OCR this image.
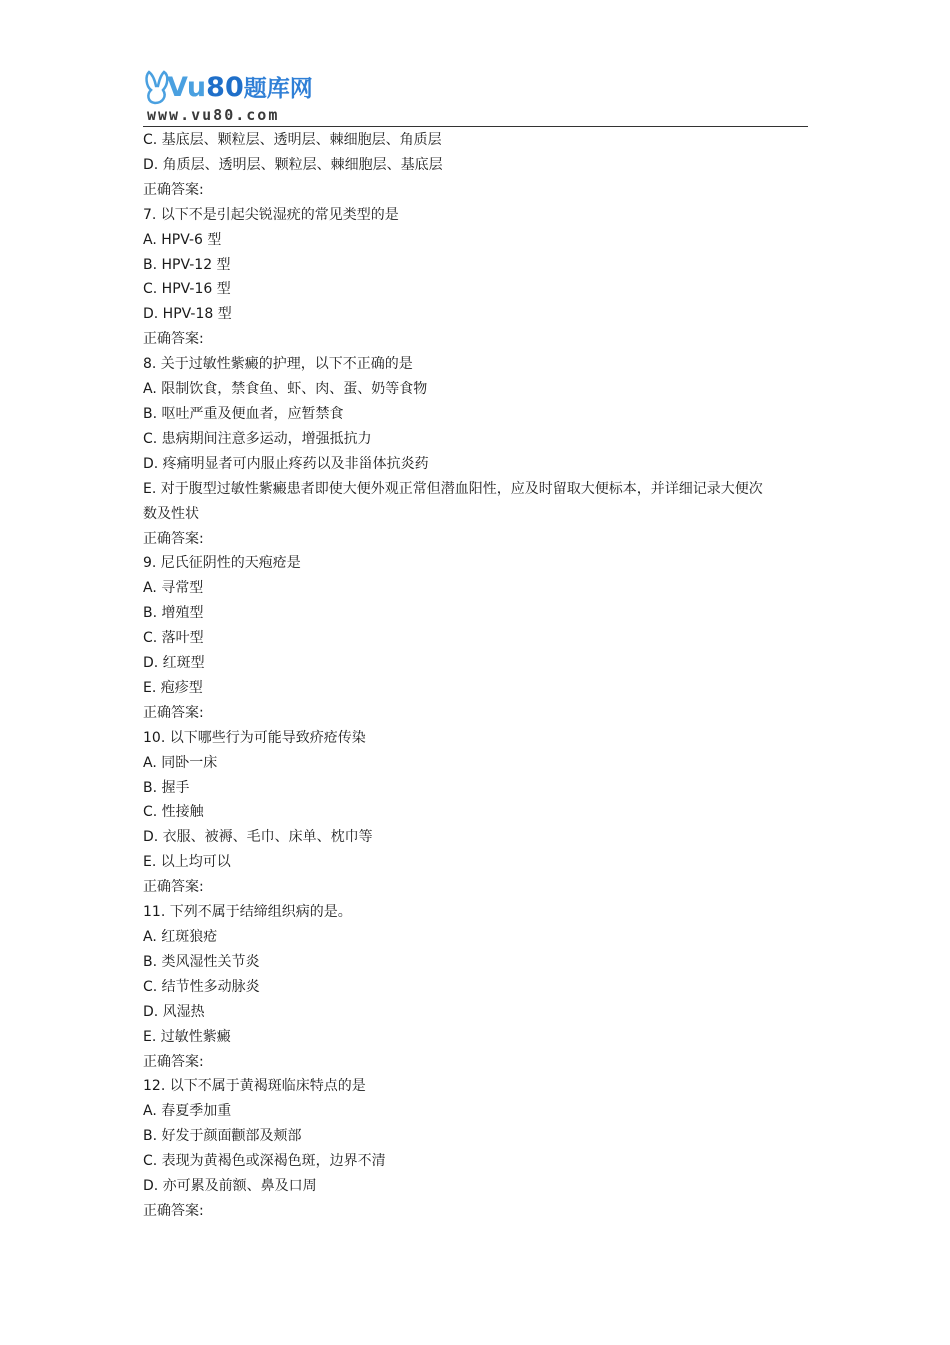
Vu80题库网
www.vu80.com
C. 基底层、颗粒层、透明层、棘细胞层、角质层
D. 角质层、透明层、颗粒层、棘细胞层、基底层
正确答案:
7. 以下不是引起尖锐湿疣的常见类型的是
A. HPV-6 型
B. HPV-12 型
C. HPV-16 型
D. HPV-18 型
正确答案:
8. 关于过敏性紫癜的护理，以下不正确的是
A. 限制饮食，禁食鱼、虾、肉、蛋、奶等食物
B. 呕吐严重及便血者，应暂禁食
C. 患病期间注意多运动，增强抵抗力
D. 疼痛明显者可内服止疼药以及非甾体抗炎药
E. 对于腹型过敏性紫癜患者即使大便外观正常但潜血阳性，应及时留取大便标本，并详细记录大便次数及性状
正确答案:
9. 尼氏征阴性的天疱疮是
A. 寻常型
B. 增殖型
C. 落叶型
D. 红斑型
E. 疱疹型
正确答案:
10. 以下哪些行为可能导致疥疮传染
A. 同卧一床
B. 握手
C. 性接触
D. 衣服、被褥、毛巾、床单、枕巾等
E. 以上均可以
正确答案:
11. 下列不属于结缔组织病的是。
A. 红斑狼疮
B. 类风湿性关节炎
C. 结节性多动脉炎
D. 风湿热
E. 过敏性紫癜
正确答案:
12. 以下不属于黄褐斑临床特点的是
A. 春夏季加重
B. 好发于颜面颧部及颊部
C. 表现为黄褐色或深褐色斑，边界不清
D. 亦可累及前额、鼻及口周
正确答案:
